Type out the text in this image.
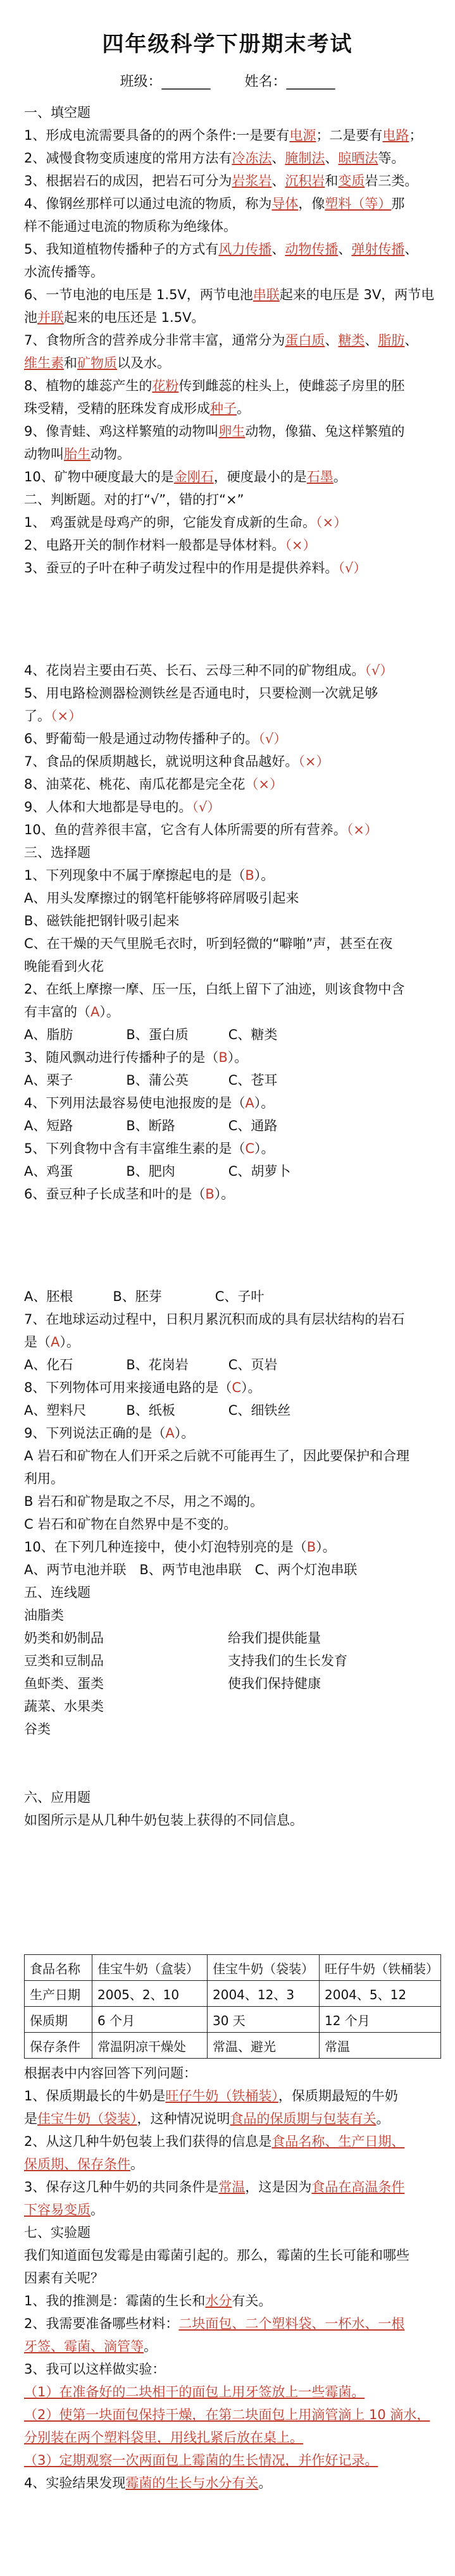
四年级科学下册期末考试
班级：_______ 姓名：_______
一、填空题
1、形成电流需要具备的的两个条件:一是要有电源；二是要有电路；
2、减慢食物变质速度的常用方法有冷冻法、腌制法、晾晒法等。
3、根据岩石的成因，把岩石可分为岩浆岩、沉积岩和变质岩三类。
4、像钢丝那样可以通过电流的物质，称为导体，像塑料（等）那
样不能通过电流的物质称为绝缘体。
5、我知道植物传播种子的方式有风力传播、动物传播、弹射传播、
水流传播等。
6、一节电池的电压是 1.5V，两节电池串联起来的电压是 3V，两节电
池并联起来的电压还是 1.5V。
7、食物所含的营养成分非常丰富，通常分为蛋白质、糖类、脂肪、
维生素和矿物质以及水。
8、植物的雄蕊产生的花粉传到雌蕊的柱头上，使雌蕊子房里的胚
珠受精，受精的胚珠发育成形成种子。
9、像青蛙、鸡这样繁殖的动物叫卵生动物，像猫、兔这样繁殖的
动物叫胎生动物。
10、矿物中硬度最大的是金刚石，硬度最小的是石墨。
二、判断题。对的打“√”，错的打“×”
1、 鸡蛋就是母鸡产的卵，它能发育成新的生命。（×）
2、电路开关的制作材料一般都是导体材料。（×）
3、蚕豆的子叶在种子萌发过程中的作用是提供养料。（√）
4、花岗岩主要由石英、长石、云母三种不同的矿物组成。（√）
5、用电路检测器检测铁丝是否通电时，只要检测一次就足够
了。（×）
6、野葡萄一般是通过动物传播种子的。（√）
7、食品的保质期越长，就说明这种食品越好。（×）
8、油菜花、桃花、南瓜花都是完全花（×）
9、人体和大地都是导电的。（√）
10、鱼的营养很丰富，它含有人体所需要的所有营养。（×）
三、选择题
1、下列现象中不属于摩擦起电的是（B）。
A、用头发摩擦过的钢笔杆能够将碎屑吸引起来
B、磁铁能把钢针吸引起来
C、在干燥的天气里脱毛衣时，听到轻微的“噼啪”声，甚至在夜
晚能看到火花
2、在纸上摩擦一摩、压一压，白纸上留下了油迹，则该食物中含
有丰富的（A）。
A、脂肪　　　　B、蛋白质　　　C、糖类
3、随风飘动进行传播种子的是（B）。
A、栗子　　　　B、蒲公英　　　C、苍耳
4、下列用法最容易使电池报废的是（A）。
A、短路　　　　B、断路　　　　C、通路
5、下列食物中含有丰富维生素的是（C）。
A、鸡蛋　　　　B、肥肉　　　　C、胡萝卜
6、蚕豆种子长成茎和叶的是（B）。
A、胚根　　　B、胚芽　　　　C、子叶
7、在地球运动过程中，日积月累沉积而成的具有层状结构的岩石
是（A）。
A、化石　　　　B、花岗岩　　　C、页岩
8、下列物体可用来接通电路的是（C）。
A、塑料尺　　　B、纸板　　　　C、细铁丝
9、下列说法正确的是（A）。
A 岩石和矿物在人们开采之后就不可能再生了，因此要保护和合理
利用。
B 岩石和矿物是取之不尽，用之不竭的。
C 岩石和矿物在自然界中是不变的。
10、在下列几种连接中，使小灯泡特别亮的是（B）。
A、两节电池并联　B、两节电池串联　C、两个灯泡串联
五、连线题
油脂类
奶类和奶制品	给我们提供能量
豆类和豆制品	支持我们的生长发育
鱼虾类、蛋类	使我们保持健康
蔬菜、水果类
谷类
六、应用题
如图所示是从几种牛奶包装上获得的不同信息。
食品名称	佳宝牛奶（盒装）	佳宝牛奶（袋装）	旺仔牛奶（铁桶装）
生产日期	2005、2、10	2004、12、3	2004、5、12
保质期	6 个月	30 天	12 个月
保存条件	常温阴凉干燥处	常温、避光	常温
根据表中内容回答下列问题：
1、保质期最长的牛奶是旺仔牛奶（铁桶装），保质期最短的牛奶
是佳宝牛奶（袋装），这种情况说明食品的保质期与包装有关。
2、从这几种牛奶包装上我们获得的信息是食品名称、生产日期、
保质期、保存条件。
3、保存这几种牛奶的共同条件是常温，这是因为食品在高温条件
下容易变质。
七、实验题
我们知道面包发霉是由霉菌引起的。那么，霉菌的生长可能和哪些
因素有关呢？
1、我的推测是：霉菌的生长和水分有关。
2、我需要准备哪些材料：二块面包、二个塑料袋、一杯水、一根
牙签、霉菌、滴管等。
3、我可以这样做实验：
（1）在准备好的二块相干的面包上用牙签放上一些霉菌。
（2）使第一块面包保持干燥，在第二块面包上用滴管滴上 10 滴水，
分别装在两个塑料袋里，用线扎紧后放在桌上。
（3）定期观察一次两面包上霉菌的生长情况，并作好记录。
4、实验结果发现霉菌的生长与水分有关。
